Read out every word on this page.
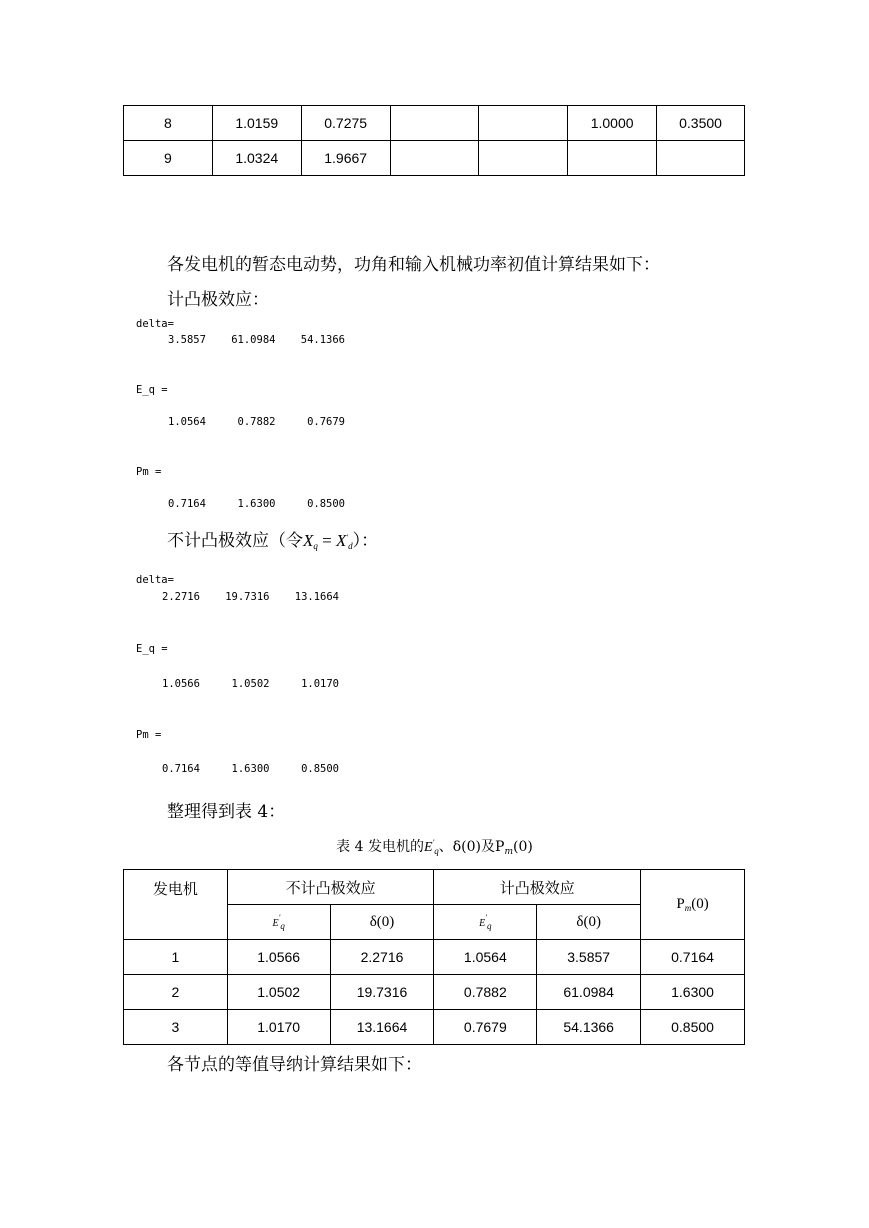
8	1.0159	0.7275			1.0000	0.3500
9	1.0324	1.9667				
各发电机的暂态电动势，功角和输入机械功率初值计算结果如下：
计凸极效应：
delta=
3.5857    61.0984    54.1366
E_q =
1.0564     0.7882     0.7679
Pm =
0.7164     1.6300     0.8500
不计凸极效应（令$X_q = X'_d$）：
delta=
2.2716    19.7316    13.1664
E_q =
1.0566     1.0502     1.0170
Pm =
0.7164     1.6300     0.8500
整理得到表 4：
表 4 发电机的$E'_q$、δ(0)及$P_m(0)$
发电机	不计凸极效应		计凸极效应		$P_m(0)$
	E'q	δ(0)	E'q	δ(0)	
1	1.0566	2.2716	1.0564	3.5857	0.7164
2	1.0502	19.7316	0.7882	61.0984	1.6300
3	1.0170	13.1664	0.7679	54.1366	0.8500
各节点的等值导纳计算结果如下：
